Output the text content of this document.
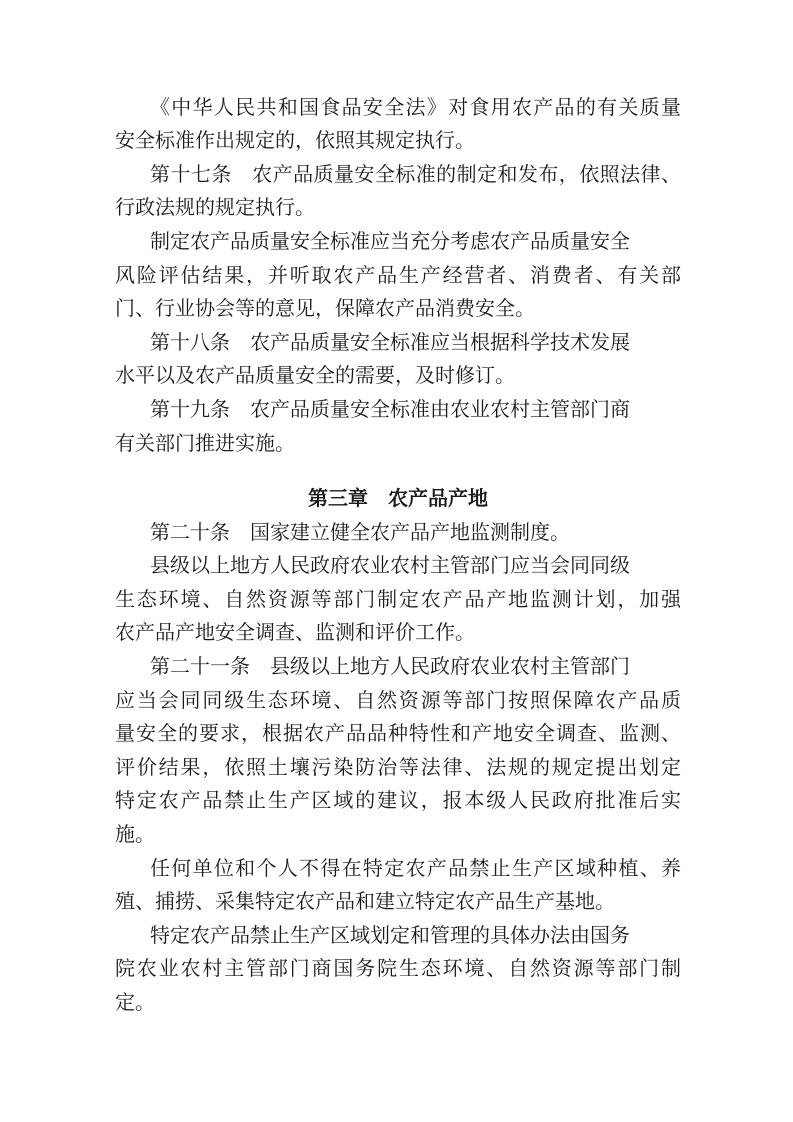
《中华人民共和国食品安全法》对食用农产品的有关质量
安全标准作出规定的，依照其规定执行。
第十七条　农产品质量安全标准的制定和发布，依照法律、
行政法规的规定执行。
制定农产品质量安全标准应当充分考虑农产品质量安全
风险评估结果，并听取农产品生产经营者、消费者、有关部
门、行业协会等的意见，保障农产品消费安全。
第十八条　农产品质量安全标准应当根据科学技术发展
水平以及农产品质量安全的需要，及时修订。
第十九条　农产品质量安全标准由农业农村主管部门商
有关部门推进实施。
第三章　农产品产地
第二十条　国家建立健全农产品产地监测制度。
县级以上地方人民政府农业农村主管部门应当会同同级
生态环境、自然资源等部门制定农产品产地监测计划，加强
农产品产地安全调查、监测和评价工作。
第二十一条　县级以上地方人民政府农业农村主管部门
应当会同同级生态环境、自然资源等部门按照保障农产品质
量安全的要求，根据农产品品种特性和产地安全调查、监测、
评价结果，依照土壤污染防治等法律、法规的规定提出划定
特定农产品禁止生产区域的建议，报本级人民政府批准后实
施。
任何单位和个人不得在特定农产品禁止生产区域种植、养
殖、捕捞、采集特定农产品和建立特定农产品生产基地。
特定农产品禁止生产区域划定和管理的具体办法由国务
院农业农村主管部门商国务院生态环境、自然资源等部门制
定。
